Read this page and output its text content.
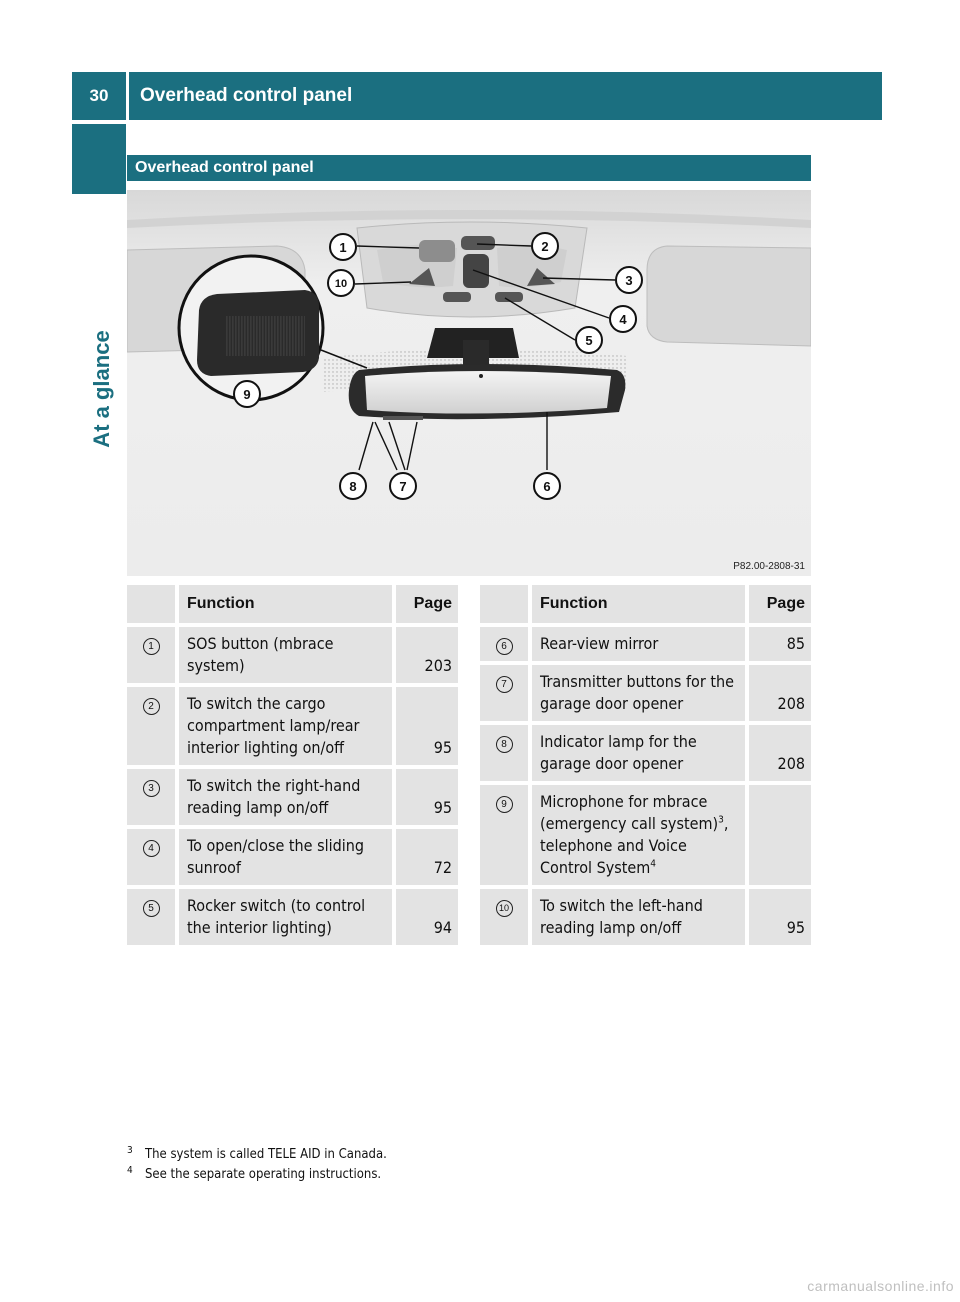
30	Overhead control panel
At a glance
Overhead control panel
1	2
3
4
5
6
7
8
9
10
P82.00-2808-31
	Function	Page
1	SOS button (mbrace system)	203
2	To switch the cargo compartment lamp/rear interior lighting on/off	95
3	To switch the right-hand reading lamp on/off	95
4	To open/close the sliding sunroof	72
5	Rocker switch (to control the interior lighting)	94
	Function	Page
6	Rear-view mirror	85
7	Transmitter buttons for the garage door opener	208
8	Indicator lamp for the garage door opener	208
9	Microphone for mbrace (emergency call system)$^3$, telephone and Voice Control System$^4$	
10	To switch the left-hand reading lamp on/off	95
3 The system is called TELE AID in Canada.
4 See the separate operating instructions.
carmanualsonline.info
